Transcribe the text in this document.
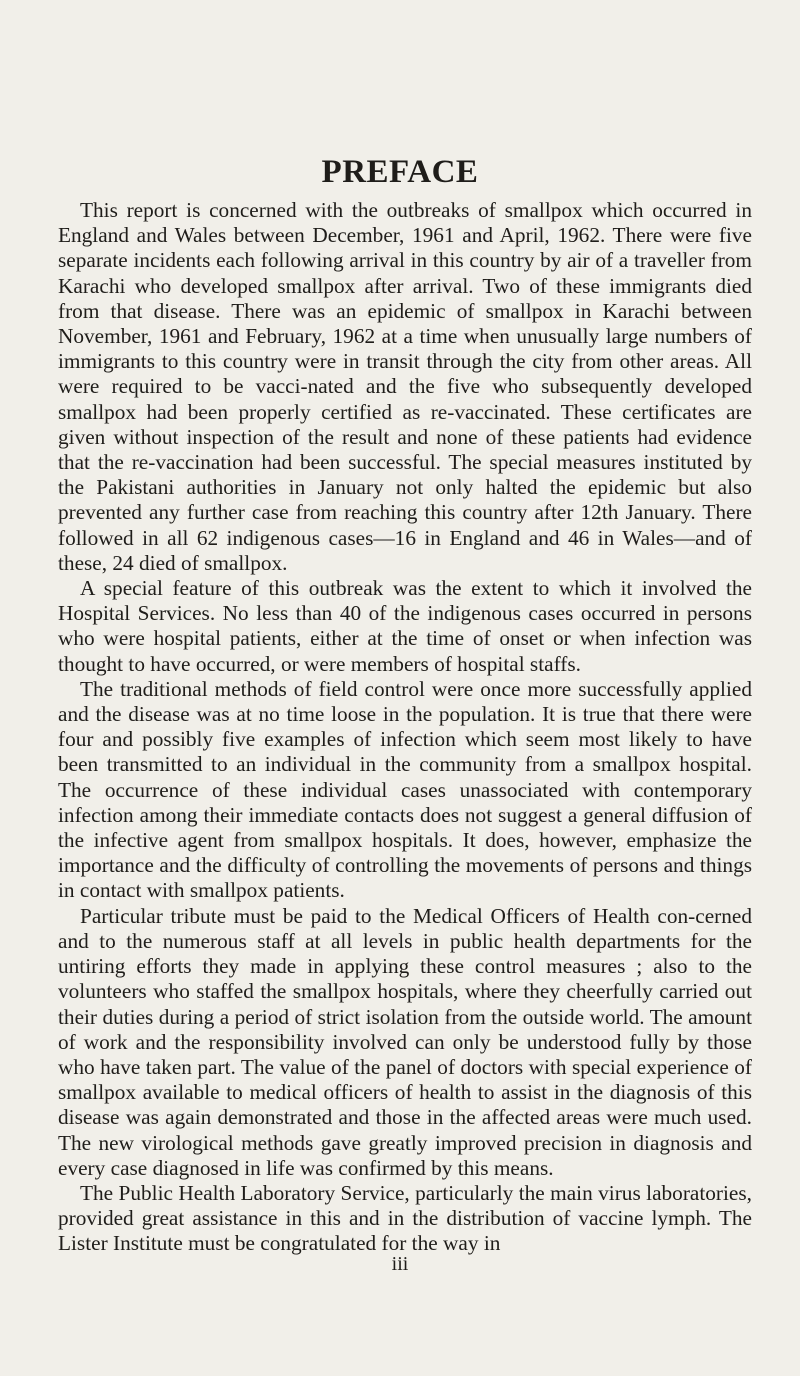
PREFACE

This report is concerned with the outbreaks of smallpox which occurred in England and Wales between December, 1961 and April, 1962. There were five separate incidents each following arrival in this country by air of a traveller from Karachi who developed smallpox after arrival. Two of these immigrants died from that disease. There was an epidemic of smallpox in Karachi between November, 1961 and February, 1962 at a time when unusually large numbers of immigrants to this country were in transit through the city from other areas. All were required to be vacci-nated and the five who subsequently developed smallpox had been properly certified as re-vaccinated. These certificates are given without inspection of the result and none of these patients had evidence that the re-vaccination had been successful. The special measures instituted by the Pakistani authorities in January not only halted the epidemic but also prevented any further case from reaching this country after 12th January. There followed in all 62 indigenous cases—16 in England and 46 in Wales—and of these, 24 died of smallpox.

A special feature of this outbreak was the extent to which it involved the Hospital Services. No less than 40 of the indigenous cases occurred in persons who were hospital patients, either at the time of onset or when infection was thought to have occurred, or were members of hospital staffs.

The traditional methods of field control were once more successfully applied and the disease was at no time loose in the population. It is true that there were four and possibly five examples of infection which seem most likely to have been transmitted to an individual in the community from a smallpox hospital. The occurrence of these individual cases unassociated with contemporary infection among their immediate contacts does not suggest a general diffusion of the infective agent from smallpox hospitals. It does, however, emphasize the importance and the difficulty of controlling the movements of persons and things in contact with smallpox patients.

Particular tribute must be paid to the Medical Officers of Health con-cerned and to the numerous staff at all levels in public health departments for the untiring efforts they made in applying these control measures ; also to the volunteers who staffed the smallpox hospitals, where they cheerfully carried out their duties during a period of strict isolation from the outside world. The amount of work and the responsibility involved can only be understood fully by those who have taken part. The value of the panel of doctors with special experience of smallpox available to medical officers of health to assist in the diagnosis of this disease was again demonstrated and those in the affected areas were much used. The new virological methods gave greatly improved precision in diagnosis and every case diagnosed in life was confirmed by this means.

The Public Health Laboratory Service, particularly the main virus laboratories, provided great assistance in this and in the distribution of vaccine lymph. The Lister Institute must be congratulated for the way in

iii
